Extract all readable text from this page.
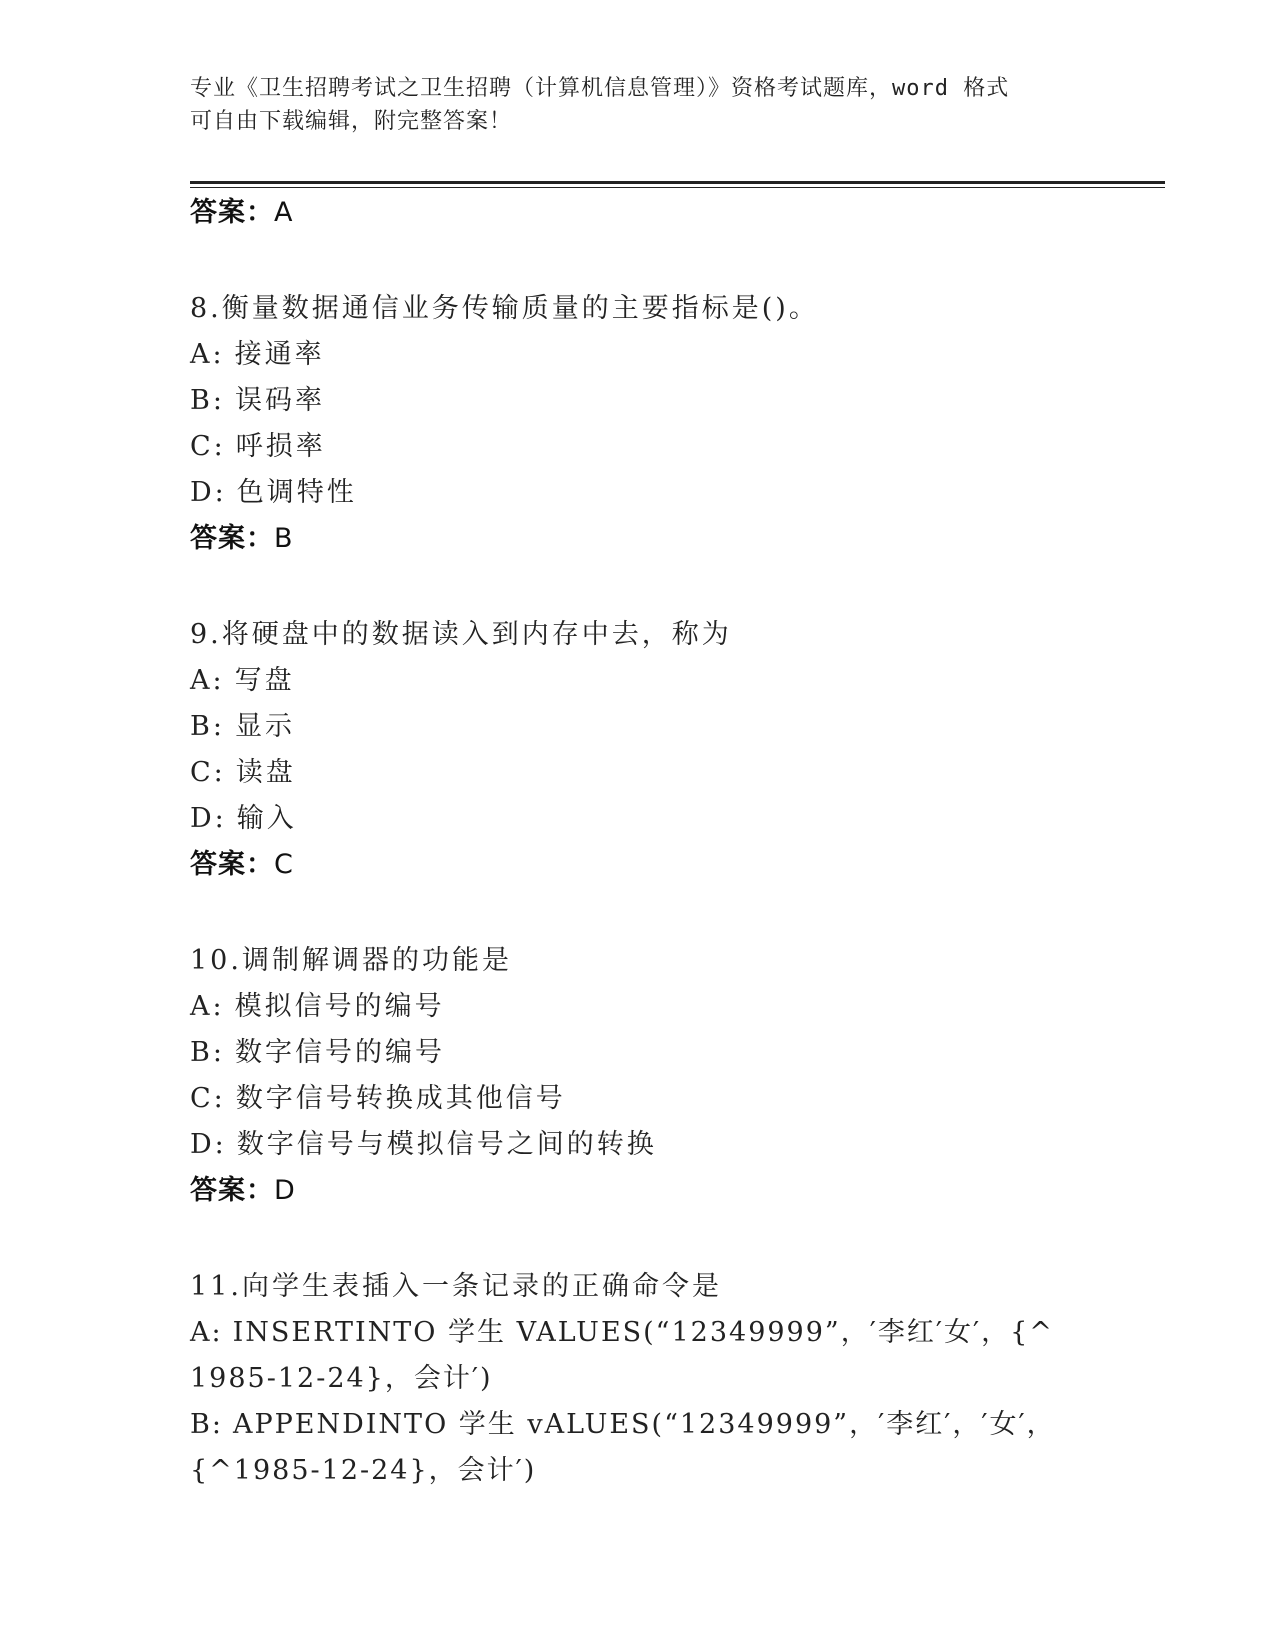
专业《卫生招聘考试之卫生招聘（计算机信息管理）》资格考试题库，word 格式
可自由下载编辑，附完整答案！
答案：A
8.衡量数据通信业务传输质量的主要指标是()。
A: 接通率
B: 误码率
C: 呼损率
D: 色调特性
答案：B
9.将硬盘中的数据读入到内存中去，称为
A: 写盘
B: 显示
C: 读盘
D: 输入
答案：C
10.调制解调器的功能是
A: 模拟信号的编号
B: 数字信号的编号
C: 数字信号转换成其他信号
D: 数字信号与模拟信号之间的转换
答案：D
11.向学生表插入一条记录的正确命令是
A: INSERTINTO 学生 VALUES(“12349999”，′李红′女′，{^1985-12-24}，会计′)
B: APPENDINTO 学生 vALUES(“12349999”，′李红′，′女′，{^1985-12-24}，会计′)
